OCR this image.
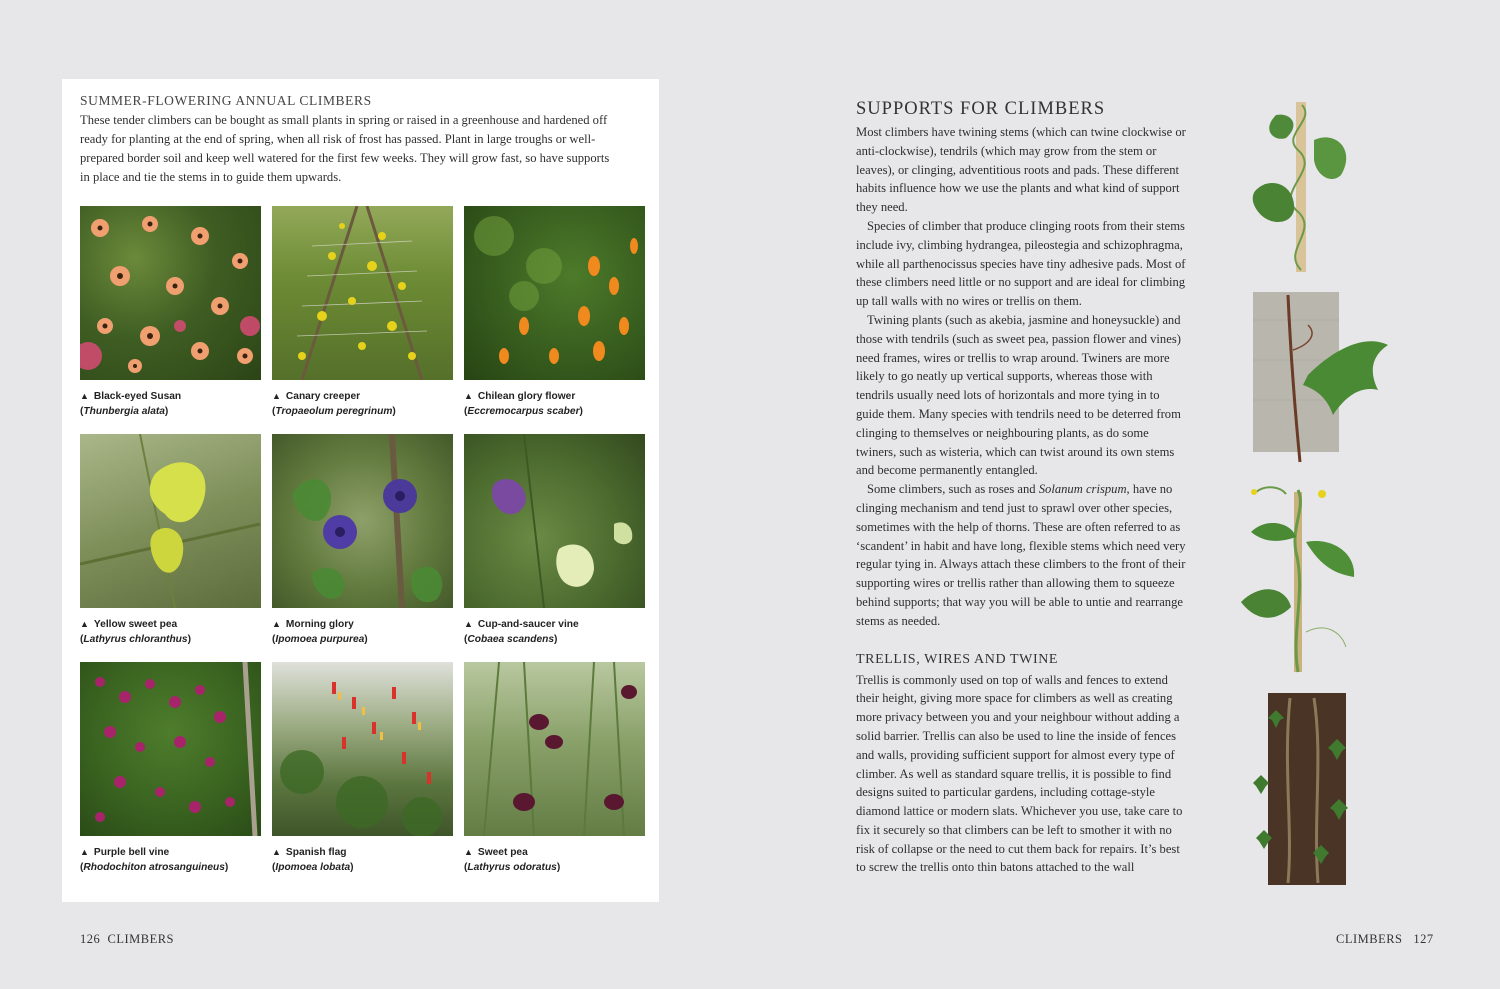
SUMMER-FLOWERING ANNUAL CLIMBERS
These tender climbers can be bought as small plants in spring or raised in a greenhouse and hardened off ready for planting at the end of spring, when all risk of frost has passed. Plant in large troughs or well-prepared border soil and keep well watered for the first few weeks. They will grow fast, so have supports in place and tie the stems in to guide them upwards.
▲ Black-eyed Susan
(Thunbergia alata)
▲ Canary creeper
(Tropaeolum peregrinum)
▲ Chilean glory flower
(Eccremocarpus scaber)
▲ Yellow sweet pea
(Lathyrus chloranthus)
▲ Morning glory
(Ipomoea purpurea)
▲ Cup-and-saucer vine
(Cobaea scandens)
▲ Purple bell vine
(Rhodochiton atrosanguineus)
▲ Spanish flag
(Ipomoea lobata)
▲ Sweet pea
(Lathyrus odoratus)
126 CLIMBERS
SUPPORTS FOR CLIMBERS

Most climbers have twining stems (which can twine clockwise or anti-clockwise), tendrils (which may grow from the stem or leaves), or clinging, adventitious roots and pads. These different habits influence how we use the plants and what kind of support they need.

Species of climber that produce clinging roots from their stems include ivy, climbing hydrangea, pileostegia and schizophragma, while all parthenocissus species have tiny adhesive pads. Most of these climbers need little or no support and are ideal for climbing up tall walls with no wires or trellis on them.

Twining plants (such as akebia, jasmine and honeysuckle) and those with tendrils (such as sweet pea, passion flower and vines) need frames, wires or trellis to wrap around. Twiners are more likely to go neatly up vertical supports, whereas those with tendrils usually need lots of horizontals and more tying in to guide them. Many species with tendrils need to be deterred from clinging to themselves or neighbouring plants, as do some twiners, such as wisteria, which can twist around its own stems and become permanently entangled.

Some climbers, such as roses and Solanum crispum, have no clinging mechanism and tend just to sprawl over other species, sometimes with the help of thorns. These are often referred to as ‘scandent’ in habit and have long, flexible stems which need very regular tying in. Always attach these climbers to the front of their supporting wires or trellis rather than allowing them to squeeze behind supports; that way you will be able to untie and rearrange stems as needed.

TRELLIS, WIRES AND TWINE

Trellis is commonly used on top of walls and fences to extend their height, giving more space for climbers as well as creating more privacy between you and your neighbour without adding a solid barrier. Trellis can also be used to line the inside of fences and walls, providing sufficient support for almost every type of climber. As well as standard square trellis, it is possible to find designs suited to particular gardens, including cottage-style diamond lattice or modern slats. Whichever you use, take care to fix it securely so that climbers can be left to smother it with no risk of collapse or the need to cut them back for repairs. It’s best to screw the trellis onto thin batons attached to the wall

CLIMBERS 127
